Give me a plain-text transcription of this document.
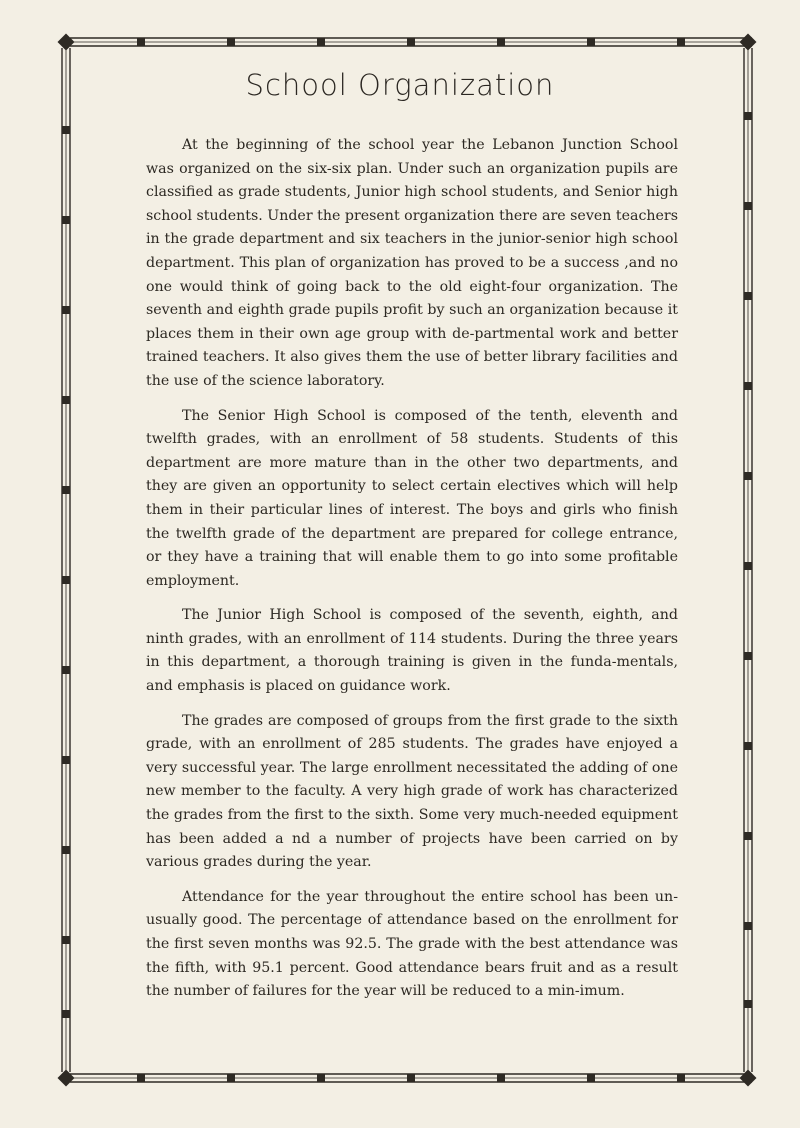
School Organization

At the beginning of the school year the Lebanon Junction School was organized on the six-six plan. Under such an organization pupils are classified as grade students, Junior high school students, and Senior high school students. Under the present organization there are seven teachers in the grade department and six teachers in the junior-senior high school department. This plan of organization has proved to be a success ,and no one would think of going back to the old eight-four organization. The seventh and eighth grade pupils profit by such an organization because it places them in their own age group with de-partmental work and better trained teachers. It also gives them the use of better library facilities and the use of the science laboratory.

The Senior High School is composed of the tenth, eleventh and twelfth grades, with an enrollment of 58 students. Students of this department are more mature than in the other two departments, and they are given an opportunity to select certain electives which will help them in their particular lines of interest. The boys and girls who finish the twelfth grade of the department are prepared for college entrance, or they have a training that will enable them to go into some profitable employment.

The Junior High School is composed of the seventh, eighth, and ninth grades, with an enrollment of 114 students. During the three years in this department, a thorough training is given in the funda-mentals, and emphasis is placed on guidance work.

The grades are composed of groups from the first grade to the sixth grade, with an enrollment of 285 students. The grades have enjoyed a very successful year. The large enrollment necessitated the adding of one new member to the faculty. A very high grade of work has characterized the grades from the first to the sixth. Some very much-needed equipment has been added a nd a number of projects have been carried on by various grades during the year.

Attendance for the year throughout the entire school has been un-usually good. The percentage of attendance based on the enrollment for the first seven months was 92.5. The grade with the best attendance was the fifth, with 95.1 percent. Good attendance bears fruit and as a result the number of failures for the year will be reduced to a min-imum.
